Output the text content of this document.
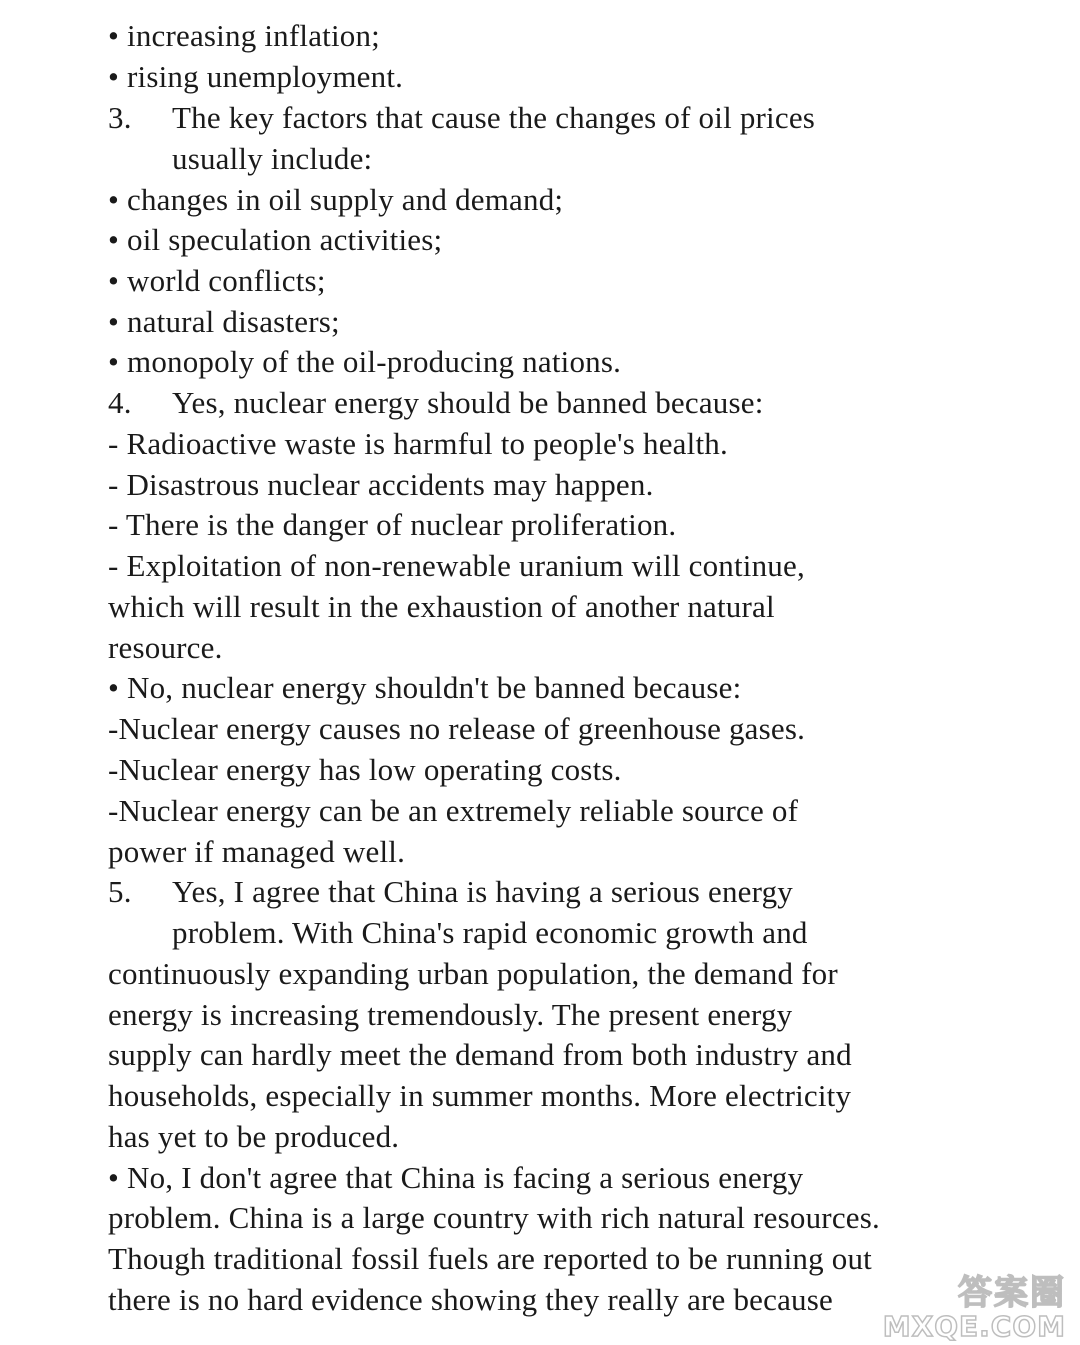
• increasing inflation;
• rising unemployment.
3. The key factors that cause the changes of oil prices
usually include:
• changes in oil supply and demand;
• oil speculation activities;
• world conflicts;
• natural disasters;
• monopoly of the oil-producing nations.
4. Yes, nuclear energy should be banned because:
- Radioactive waste is harmful to people's health.
- Disastrous nuclear accidents may happen.
- There is the danger of nuclear proliferation.
- Exploitation of non-renewable uranium will continue,
which will result in the exhaustion of another natural
resource.
• No, nuclear energy shouldn't be banned because:
-Nuclear energy causes no release of greenhouse gases.
-Nuclear energy has low operating costs.
-Nuclear energy can be an extremely reliable source of
power if managed well.
5. Yes, I agree that China is having a serious energy
problem. With China's rapid economic growth and
continuously expanding urban population, the demand for
energy is increasing tremendously. The present energy
supply can hardly meet the demand from both industry and
households, especially in summer months. More electricity
has yet to be produced.
• No, I don't agree that China is facing a serious energy
problem. China is a large country with rich natural resources.
Though traditional fossil fuels are reported to be running out
there is no hard evidence showing they really are because	答案圈
MXQE.COM
